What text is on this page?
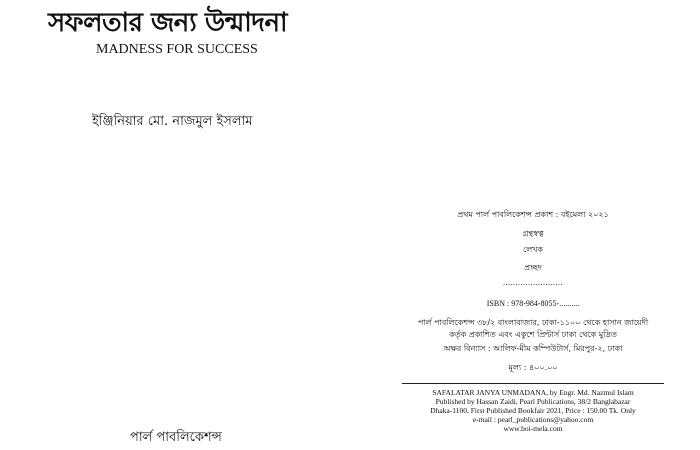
সফলতার জন্য উন্মাদনা
MADNESS FOR SUCCESS
ইঞ্জিনিয়ার মো. নাজমুল ইসলাম
পার্ল পাবলিকেশন্স
প্রথম পার্ল পাবলিকেশন্স প্রকাশ : বইমেলা ২০২১
গ্রন্থস্বত্ব
লেখক
প্রচ্ছদ
........................
ISBN : 978-984-8055-..........
পার্ল পাবলিকেশন্স ৩৮/২ বাংলাবাজার, ঢাকা-১১০০ থেকে হাসান জায়েদী
কর্তৃক প্রকাশিত এবং একুশে প্রিন্টার্স ঢাকা থেকে মুদ্রিত
অক্ষর বিন্যাস : আলিফ-মীম কম্পিউটার্স, মিরপুর-২, ঢাকা
মূল্য : ৪০০.০০
SAFALATAR JANYA UNMADANA, by Engr. Md. Nazmul Islam
Published by Hassan Zaidi, Pearl Publications, 38/2 Banglabazar
Dhaka-1100, First Published Bookfair 2021, Price : 150.00 Tk. Only
e-mail : pearl_publications@yahoo.com
www.boi-mela.com
